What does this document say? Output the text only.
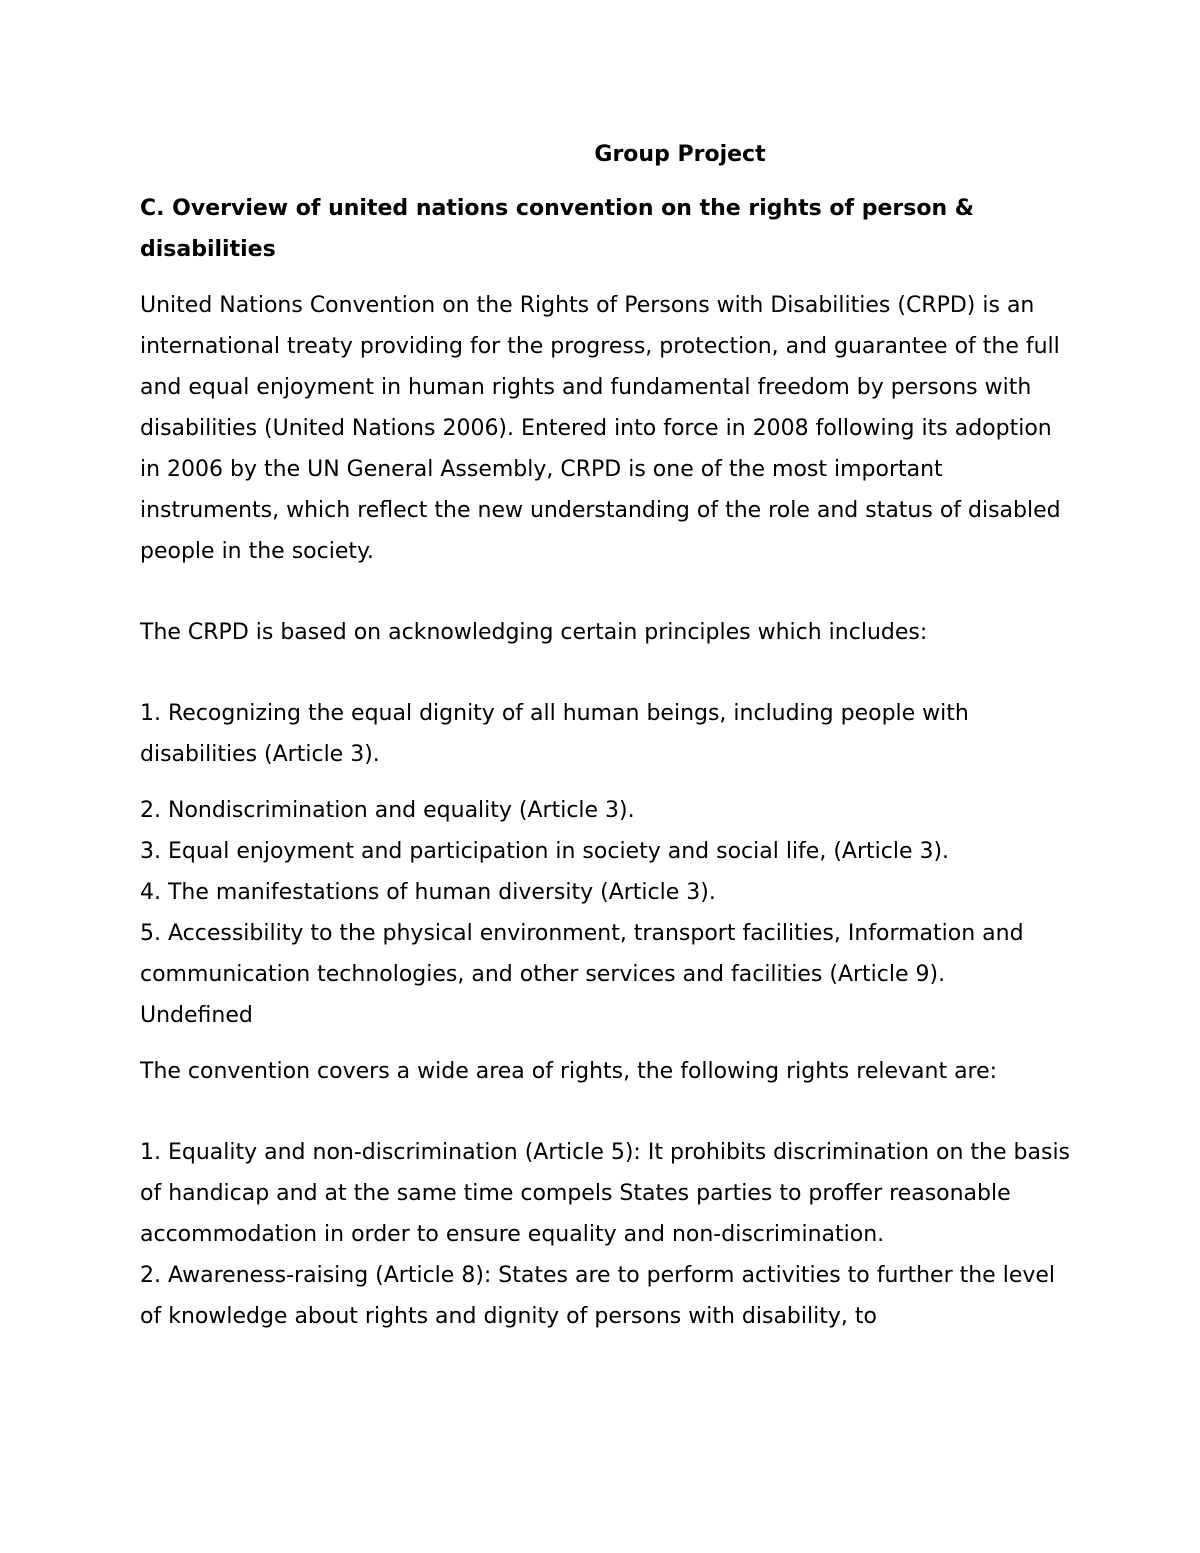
Group Project

C. Overview of united nations convention on the rights of person & disabilities

United Nations Convention on the Rights of Persons with Disabilities (CRPD) is an international treaty providing for the progress, protection, and guarantee of the full and equal enjoyment in human rights and fundamental freedom by persons with disabilities (United Nations 2006). Entered into force in 2008 following its adoption in 2006 by the UN General Assembly, CRPD is one of the most important instruments, which reflect the new understanding of the role and status of disabled people in the society.

The CRPD is based on acknowledging certain principles which includes:

1. Recognizing the equal dignity of all human beings, including people with disabilities (Article 3).

2. Nondiscrimination and equality (Article 3).

3. Equal enjoyment and participation in society and social life, (Article 3).

4. The manifestations of human diversity (Article 3).

5. Accessibility to the physical environment, transport facilities, Information and communication technologies, and other services and facilities (Article 9).

Undefined

The convention covers a wide area of rights, the following rights relevant are:

1. Equality and non-discrimination (Article 5): It prohibits discrimination on the basis of handicap and at the same time compels States parties to proffer reasonable accommodation in order to ensure equality and non-discrimination.

2. Awareness-raising (Article 8): States are to perform activities to further the level of knowledge about rights and dignity of persons with disability, to
